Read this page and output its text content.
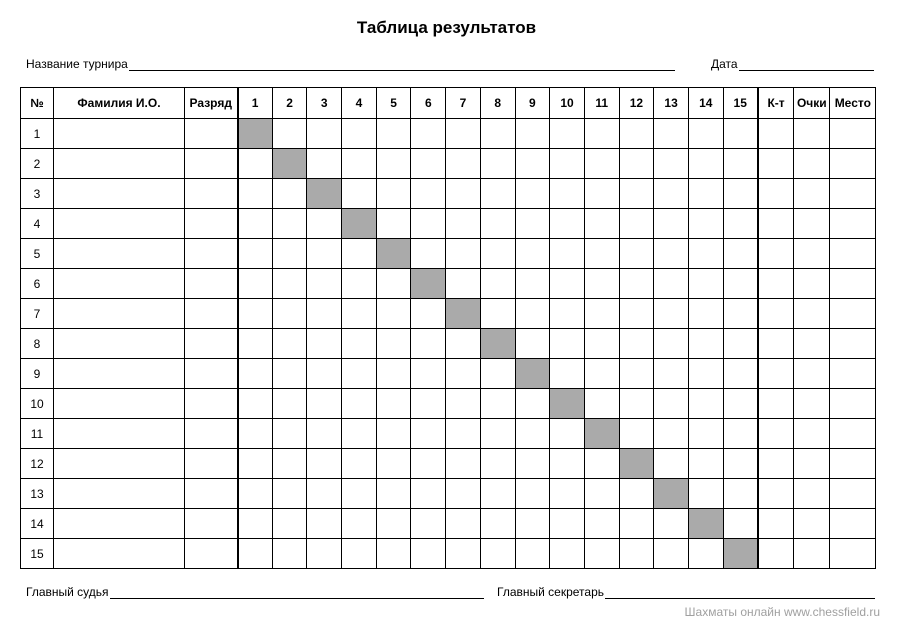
Таблица результатов
Название турнира	Дата
№	Фамилия И.О.	Разряд	1	2	3	4	5	6	7	8	9	10	11	12	13	14	15	К-т	Очки	Место
1																				
2																				
3																				
4																				
5																				
6																				
7																				
8																				
9																				
10																				
11																				
12																				
13																				
14																				
15																				
Главный судья	Главный секретарь
Шахматы онлайн www.chessfield.ru
